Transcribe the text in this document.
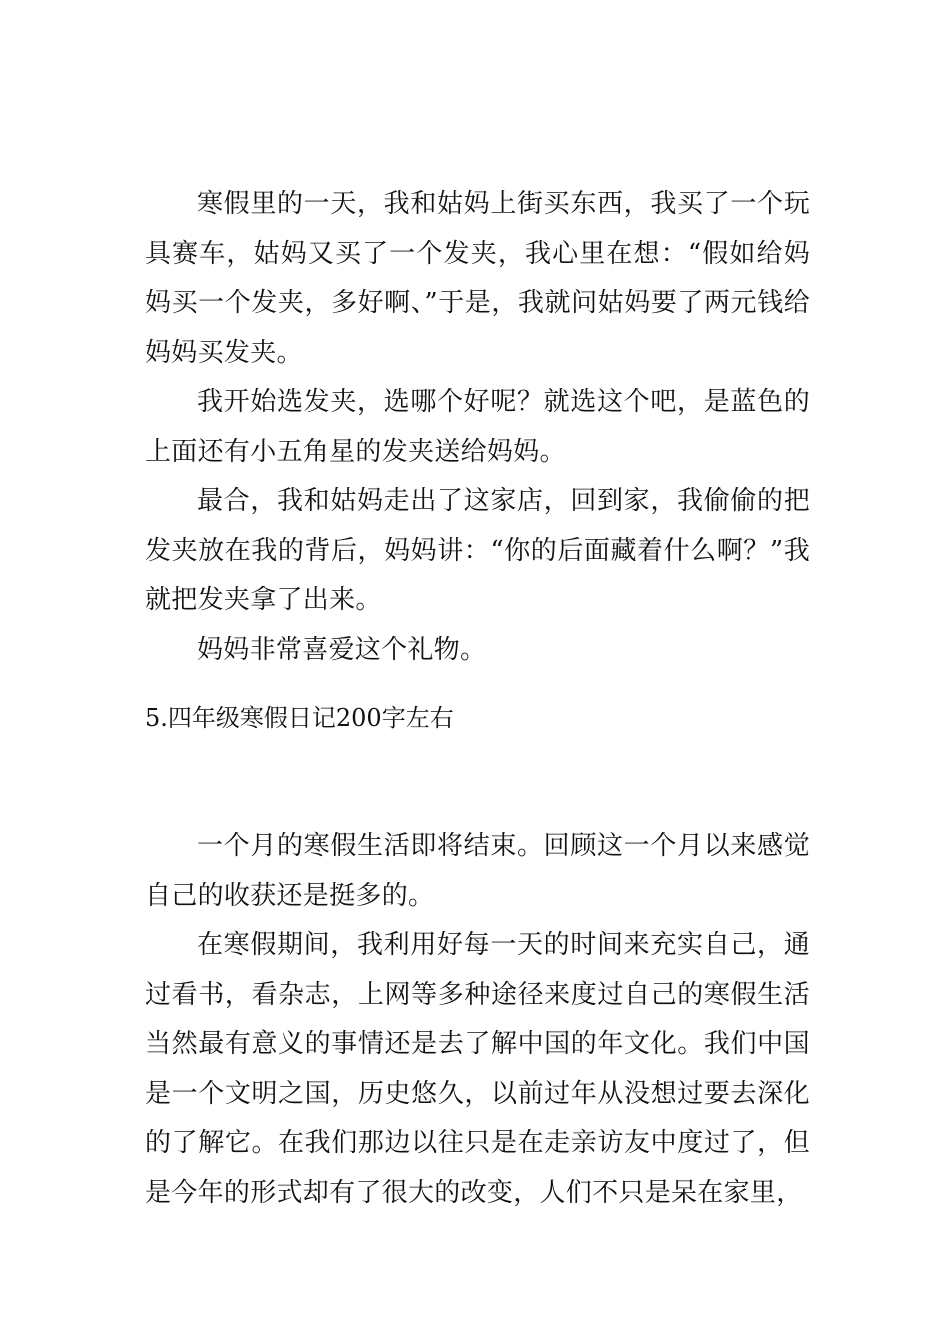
寒假里的一天，我和姑妈上街买东西，我买了一个玩具赛车，姑妈又买了一个发夹，我心里在想：“假如给妈妈买一个发夹，多好啊、”于是，我就问姑妈要了两元钱给妈妈买发夹。

我开始选发夹，选哪个好呢？就选这个吧，是蓝色的上面还有小五角星的发夹送给妈妈。

最合，我和姑妈走出了这家店，回到家，我偷偷的把发夹放在我的背后，妈妈讲：“你的后面藏着什么啊？”我就把发夹拿了出来。

妈妈非常喜爱这个礼物。

5.四年级寒假日记200字左右

一个月的寒假生活即将结束。回顾这一个月以来感觉自己的收获还是挺多的。

在寒假期间，我利用好每一天的时间来充实自己，通过看书，看杂志，上网等多种途径来度过自己的寒假生活当然最有意义的事情还是去了解中国的年文化。我们中国是一个文明之国，历史悠久，以前过年从没想过要去深化的了解它。在我们那边以往只是在走亲访友中度过了，但是今年的形式却有了很大的改变，人们不只是呆在家里，
